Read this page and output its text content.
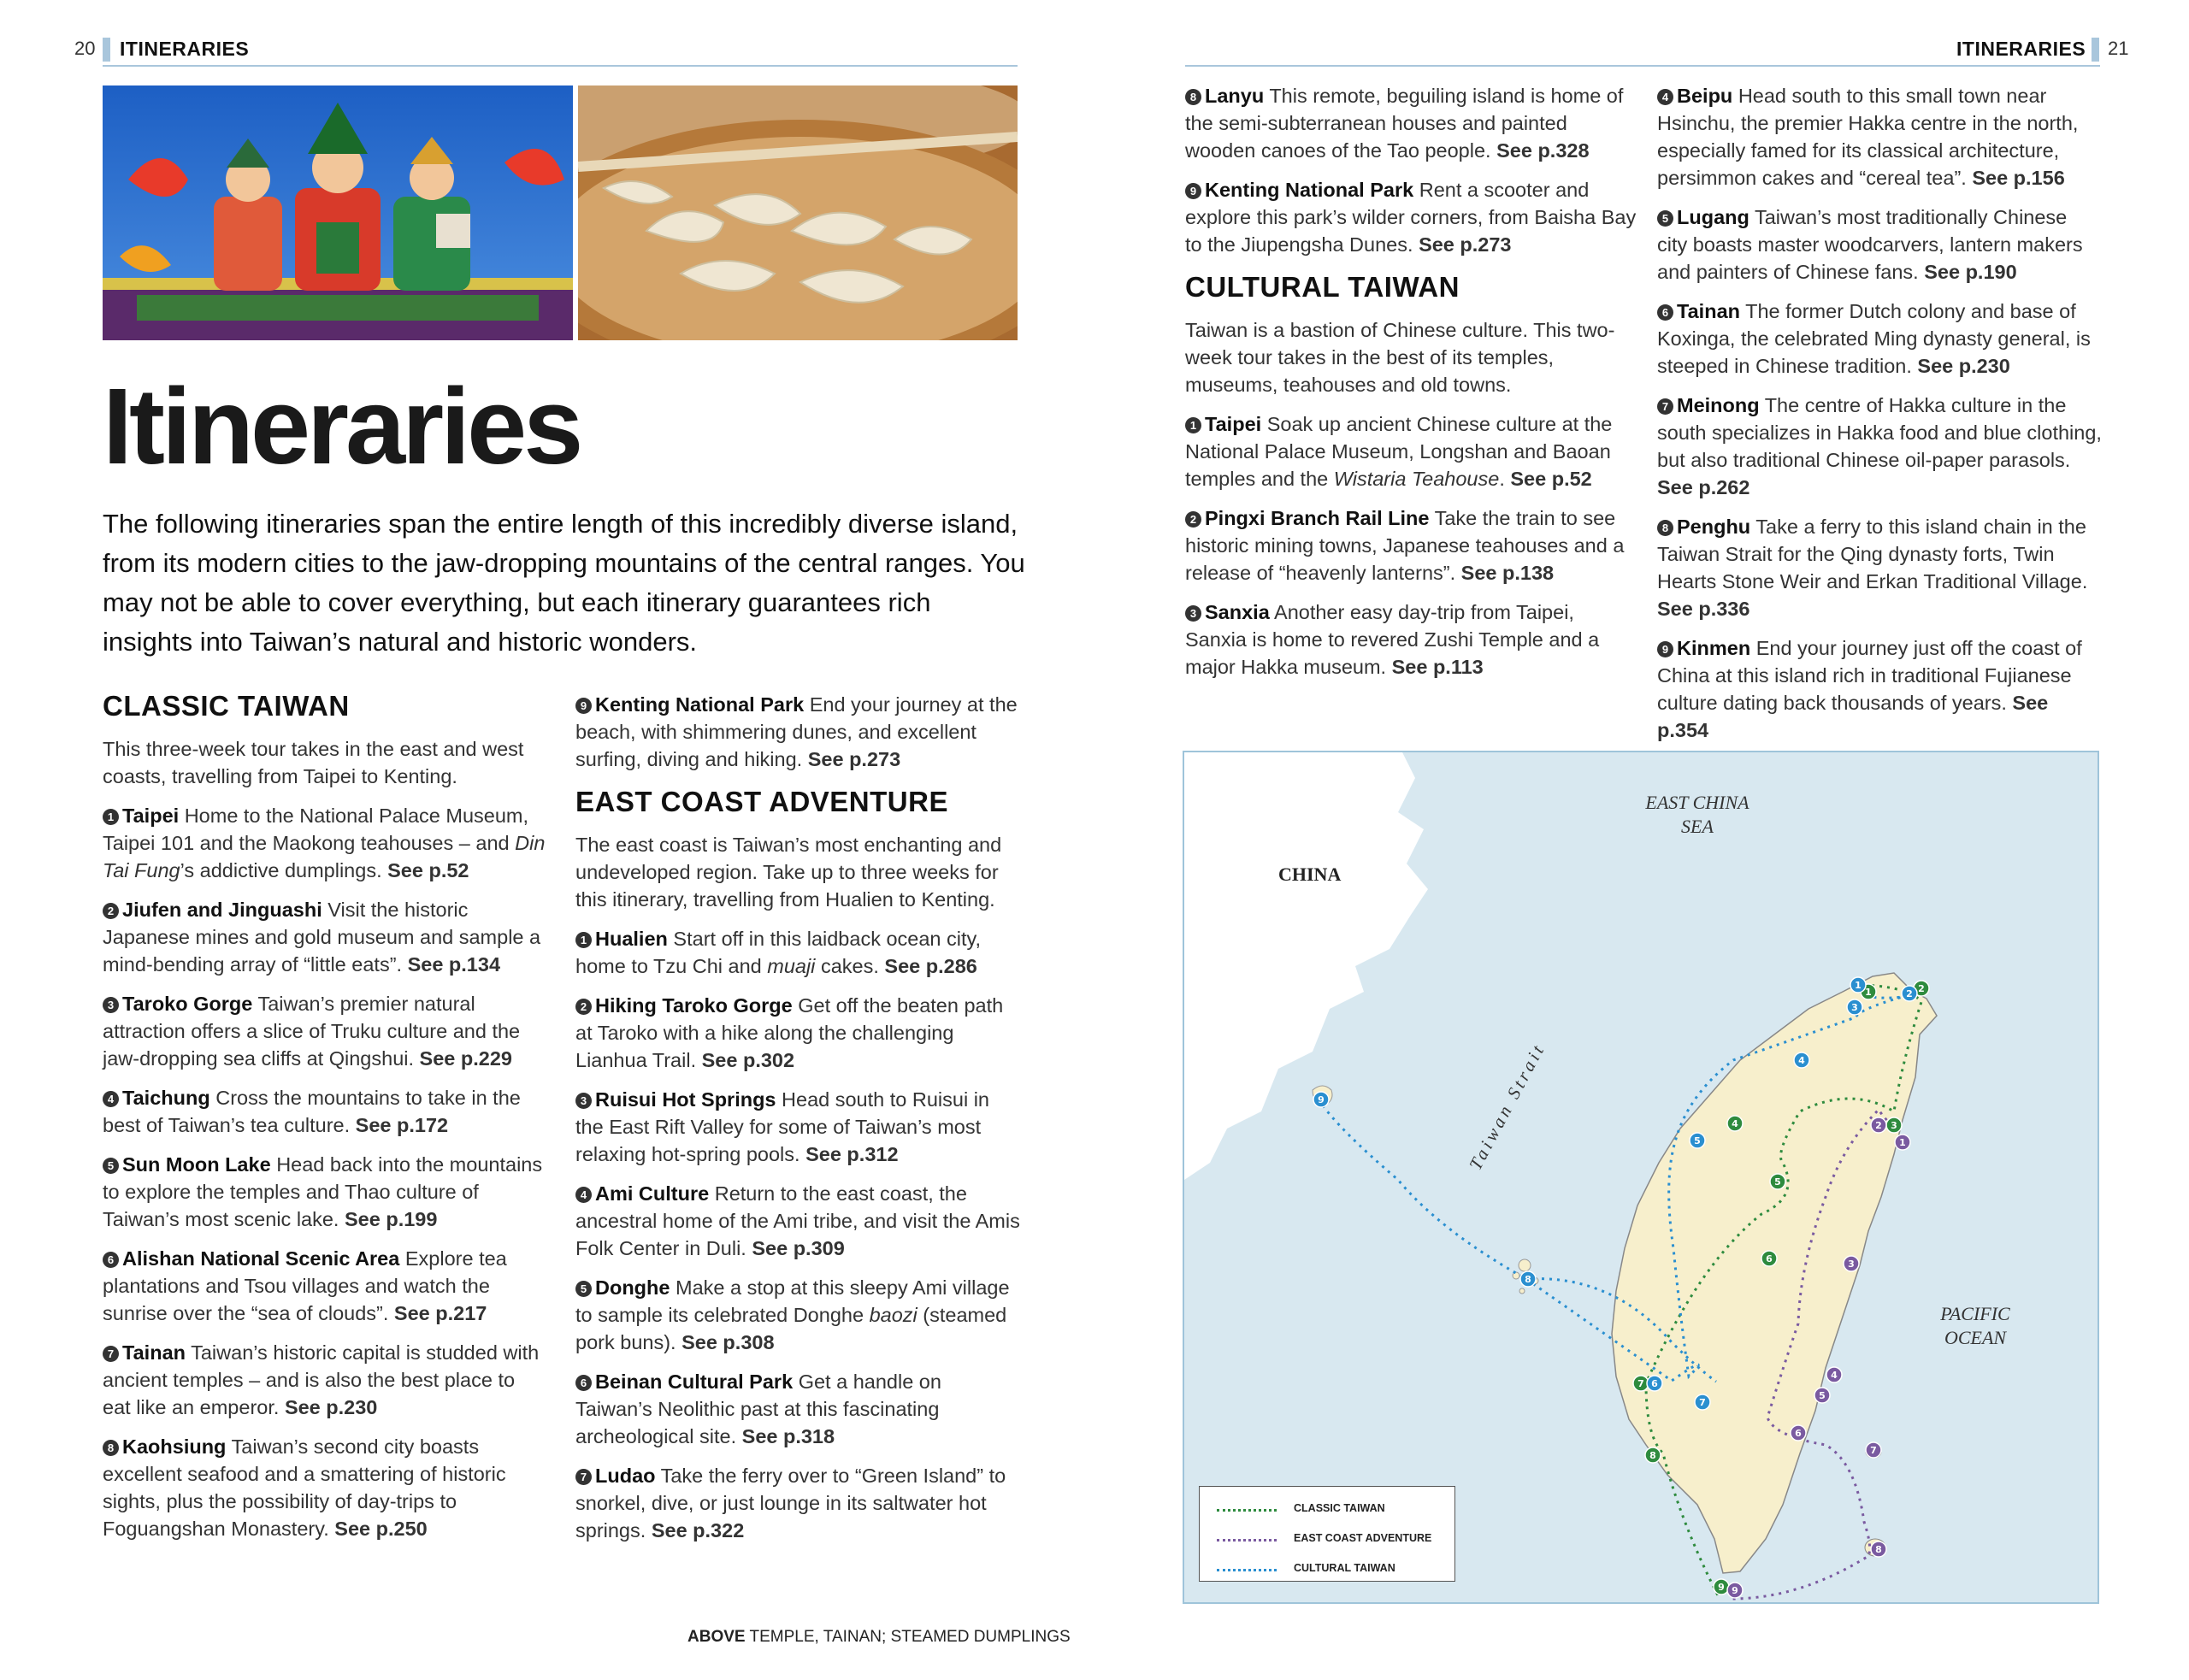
20 ITINERARIES	ITINERARIES 21
Itineraries
The following itineraries span the entire length of this incredibly diverse island, from its modern cities to the jaw-dropping mountains of the central ranges. You may not be able to cover everything, but each itinerary guarantees rich insights into Taiwan’s natural and historic wonders.
CLASSIC TAIWAN

This three-week tour takes in the east and west coasts, travelling from Taipei to Kenting.

1 Taipei Home to the National Palace Museum, Taipei 101 and the Maokong teahouses – and Din Tai Fung’s addictive dumplings. See p.52

2 Jiufen and Jinguashi Visit the historic Japanese mines and gold museum and sample a mind-bending array of “little eats”. See p.134

3 Taroko Gorge Taiwan’s premier natural attraction offers a slice of Truku culture and the jaw-dropping sea cliffs at Qingshui. See p.229

4 Taichung Cross the mountains to take in the best of Taiwan’s tea culture. See p.172

5 Sun Moon Lake Head back into the mountains to explore the temples and Thao culture of Taiwan’s most scenic lake. See p.199

6 Alishan National Scenic Area Explore tea plantations and Tsou villages and watch the sunrise over the “sea of clouds”. See p.217

7 Tainan Taiwan’s historic capital is studded with ancient temples – and is also the best place to eat like an emperor. See p.230

8 Kaohsiung Taiwan’s second city boasts excellent seafood and a smattering of historic sights, plus the possibility of day-trips to Foguangshan Monastery. See p.250

9 Kenting National Park End your journey at the beach, with shimmering dunes, and excellent surfing, diving and hiking. See p.273

EAST COAST ADVENTURE

The east coast is Taiwan’s most enchanting and undeveloped region. Take up to three weeks for this itinerary, travelling from Hualien to Kenting.

1 Hualien Start off in this laidback ocean city, home to Tzu Chi and muaji cakes. See p.286

2 Hiking Taroko Gorge Get off the beaten path at Taroko with a hike along the challenging Lianhua Trail. See p.302

3 Ruisui Hot Springs Head south to Ruisui in the East Rift Valley for some of Taiwan’s most relaxing hot-spring pools. See p.312

4 Ami Culture Return to the east coast, the ancestral home of the Ami tribe, and visit the Amis Folk Center in Duli. See p.309

5 Donghe Make a stop at this sleepy Ami village to sample its celebrated Donghe baozi (steamed pork buns). See p.308

6 Beinan Cultural Park Get a handle on Taiwan’s Neolithic past at this fascinating archeological site. See p.318

7 Ludao Take the ferry over to “Green Island” to snorkel, dive, or just lounge in its saltwater hot springs. See p.322

8 Lanyu This remote, beguiling island is home of the semi-subterranean houses and painted wooden canoes of the Tao people. See p.328

9 Kenting National Park Rent a scooter and explore this park’s wilder corners, from Baisha Bay to the Jiupengsha Dunes. See p.273

CULTURAL TAIWAN

Taiwan is a bastion of Chinese culture. This two-week tour takes in the best of its temples, museums, teahouses and old towns.

1 Taipei Soak up ancient Chinese culture at the National Palace Museum, Longshan and Baoan temples and the Wistaria Teahouse. See p.52

2 Pingxi Branch Rail Line Take the train to see historic mining towns, Japanese teahouses and a release of “heavenly lanterns”. See p.138

3 Sanxia Another easy day-trip from Taipei, Sanxia is home to revered Zushi Temple and a major Hakka museum. See p.113

4 Beipu Head south to this small town near Hsinchu, the premier Hakka centre in the north, especially famed for its classical architecture, persimmon cakes and “cereal tea”. See p.156

5 Lugang Taiwan’s most traditionally Chinese city boasts master woodcarvers, lantern makers and painters of Chinese fans. See p.190

6 Tainan The former Dutch colony and base of Koxinga, the celebrated Ming dynasty general, is steeped in Chinese tradition. See p.230

7 Meinong The centre of Hakka culture in the south specializes in Hakka food and blue clothing, but also traditional Chinese oil-paper parasols. See p.262

8 Penghu Take a ferry to this island chain in the Taiwan Strait for the Qing dynasty forts, Twin Hearts Stone Weir and Erkan Traditional Village. See p.336

9 Kinmen End your journey just off the coast of China at this island rich in traditional Fujianese culture dating back thousands of years. See p.354

ABOVE TEMPLE, TAINAN; STEAMED DUMPLINGS
1	2
3
4
5
6
7
8
9
1
2
3
4
5
6
7
8
9
1
2
3
4
5
6
7
8
9
CHINA
EAST CHINA
SEA
Taiwan Strait
PACIFIC
OCEAN
CLASSIC TAIWAN
EAST COAST ADVENTURE
CULTURAL TAIWAN
